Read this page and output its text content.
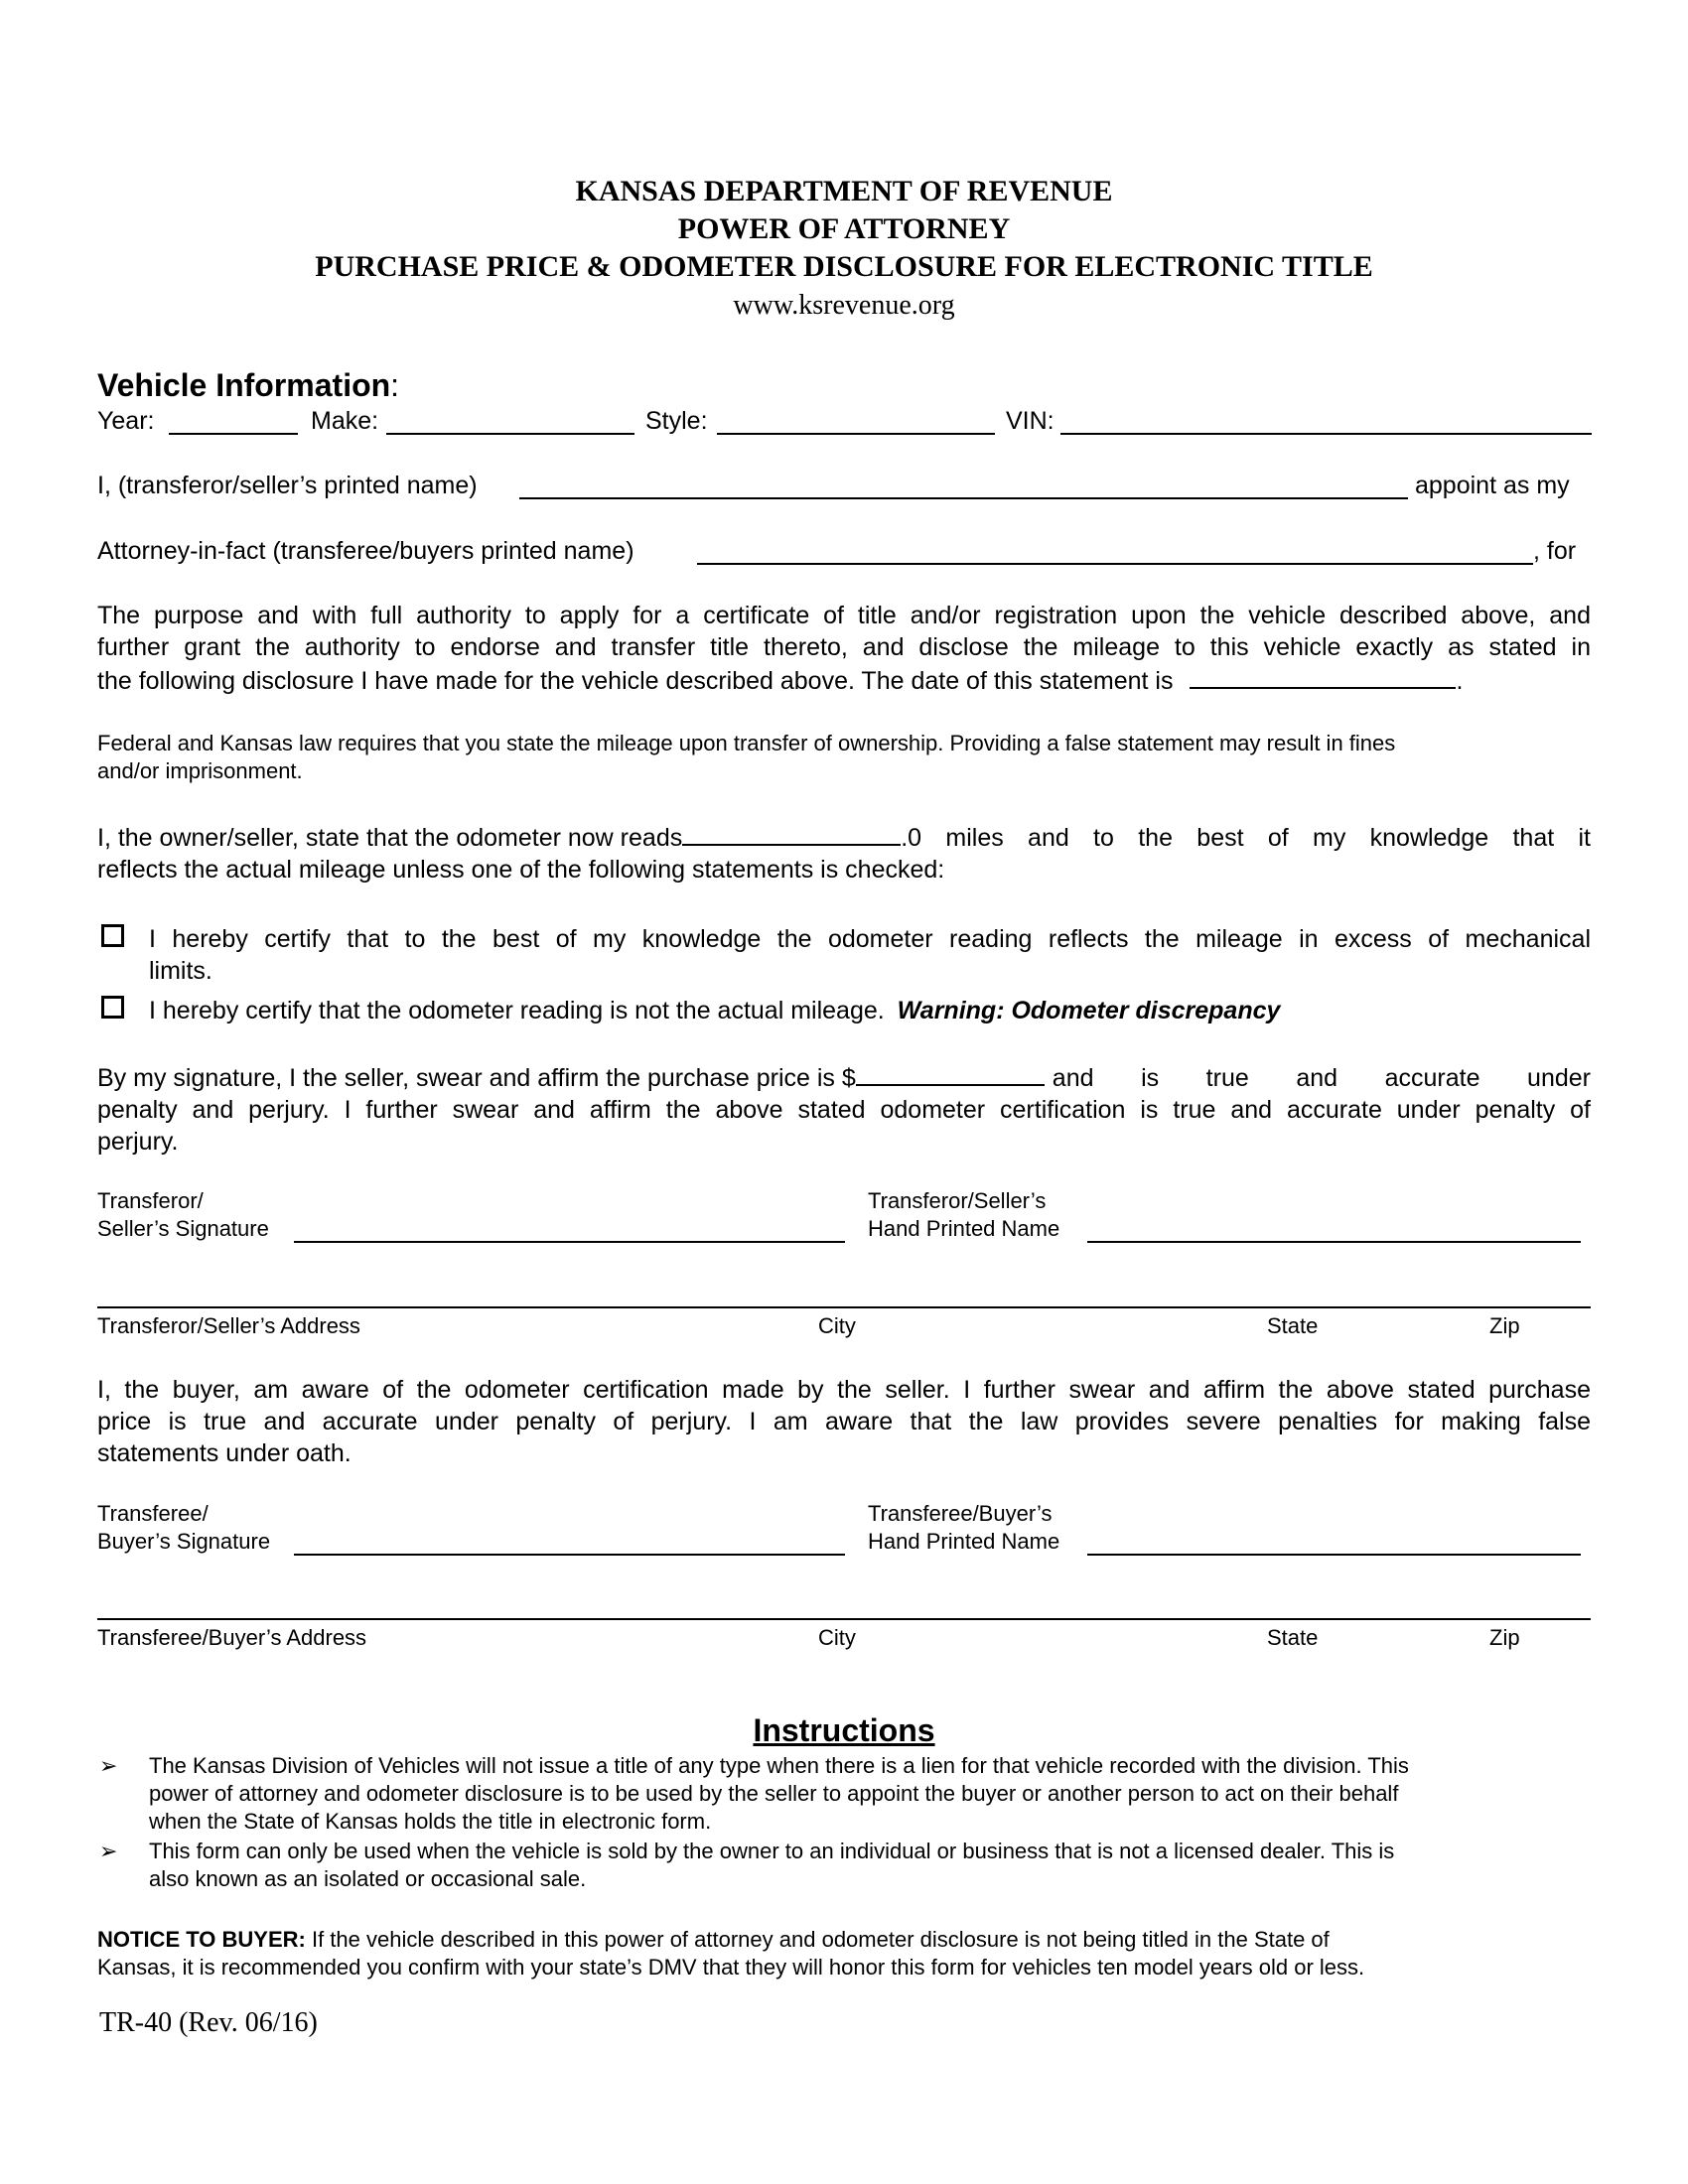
KANSAS DEPARTMENT OF REVENUE
POWER OF ATTORNEY
PURCHASE PRICE & ODOMETER DISCLOSURE FOR ELECTRONIC TITLE
www.ksrevenue.org
Vehicle Information:
Year:	Make:	Style:	VIN:
I, (transferor/seller’s printed name)	appoint as my
Attorney-in-fact (transferee/buyers printed name)	, for
The purpose and with full authority to apply for a certificate of title and/or registration upon the vehicle described above, and
further grant the authority to endorse and transfer title thereto, and disclose the mileage to this vehicle exactly as stated in
the following disclosure I have made for the vehicle described above. The date of this statement is	.
Federal and Kansas law requires that you state the mileage upon transfer of ownership. Providing a false statement may result in fines
and/or imprisonment.
I, the owner/seller, state that the odometer now reads	.0 miles and to the best of my knowledge that it
reflects the actual mileage unless one of the following statements is checked:
I hereby certify that to the best of my knowledge the odometer reading reflects the mileage in excess of mechanical
limits.
I hereby certify that the odometer reading is not the actual mileage. Warning: Odometer discrepancy
By my signature, I the seller, swear and affirm the purchase price is $	and is true and accurate under
penalty and perjury. I further swear and affirm the above stated odometer certification is true and accurate under penalty of
perjury.
Transferor/
Seller’s Signature
Transferor/Seller’s
Hand Printed Name
Transferor/Seller’s Address	City	State	Zip
I, the buyer, am aware of the odometer certification made by the seller. I further swear and affirm the above stated purchase
price is true and accurate under penalty of perjury. I am aware that the law provides severe penalties for making false
statements under oath.
Transferee/
Buyer’s Signature
Transferee/Buyer’s
Hand Printed Name
Transferee/Buyer’s Address	City	State	Zip
Instructions
➢ The Kansas Division of Vehicles will not issue a title of any type when there is a lien for that vehicle recorded with the division. This
power of attorney and odometer disclosure is to be used by the seller to appoint the buyer or another person to act on their behalf
when the State of Kansas holds the title in electronic form.
➢ This form can only be used when the vehicle is sold by the owner to an individual or business that is not a licensed dealer. This is
also known as an isolated or occasional sale.
NOTICE TO BUYER: If the vehicle described in this power of attorney and odometer disclosure is not being titled in the State of
Kansas, it is recommended you confirm with your state’s DMV that they will honor this form for vehicles ten model years old or less.
TR-40 (Rev. 06/16)
